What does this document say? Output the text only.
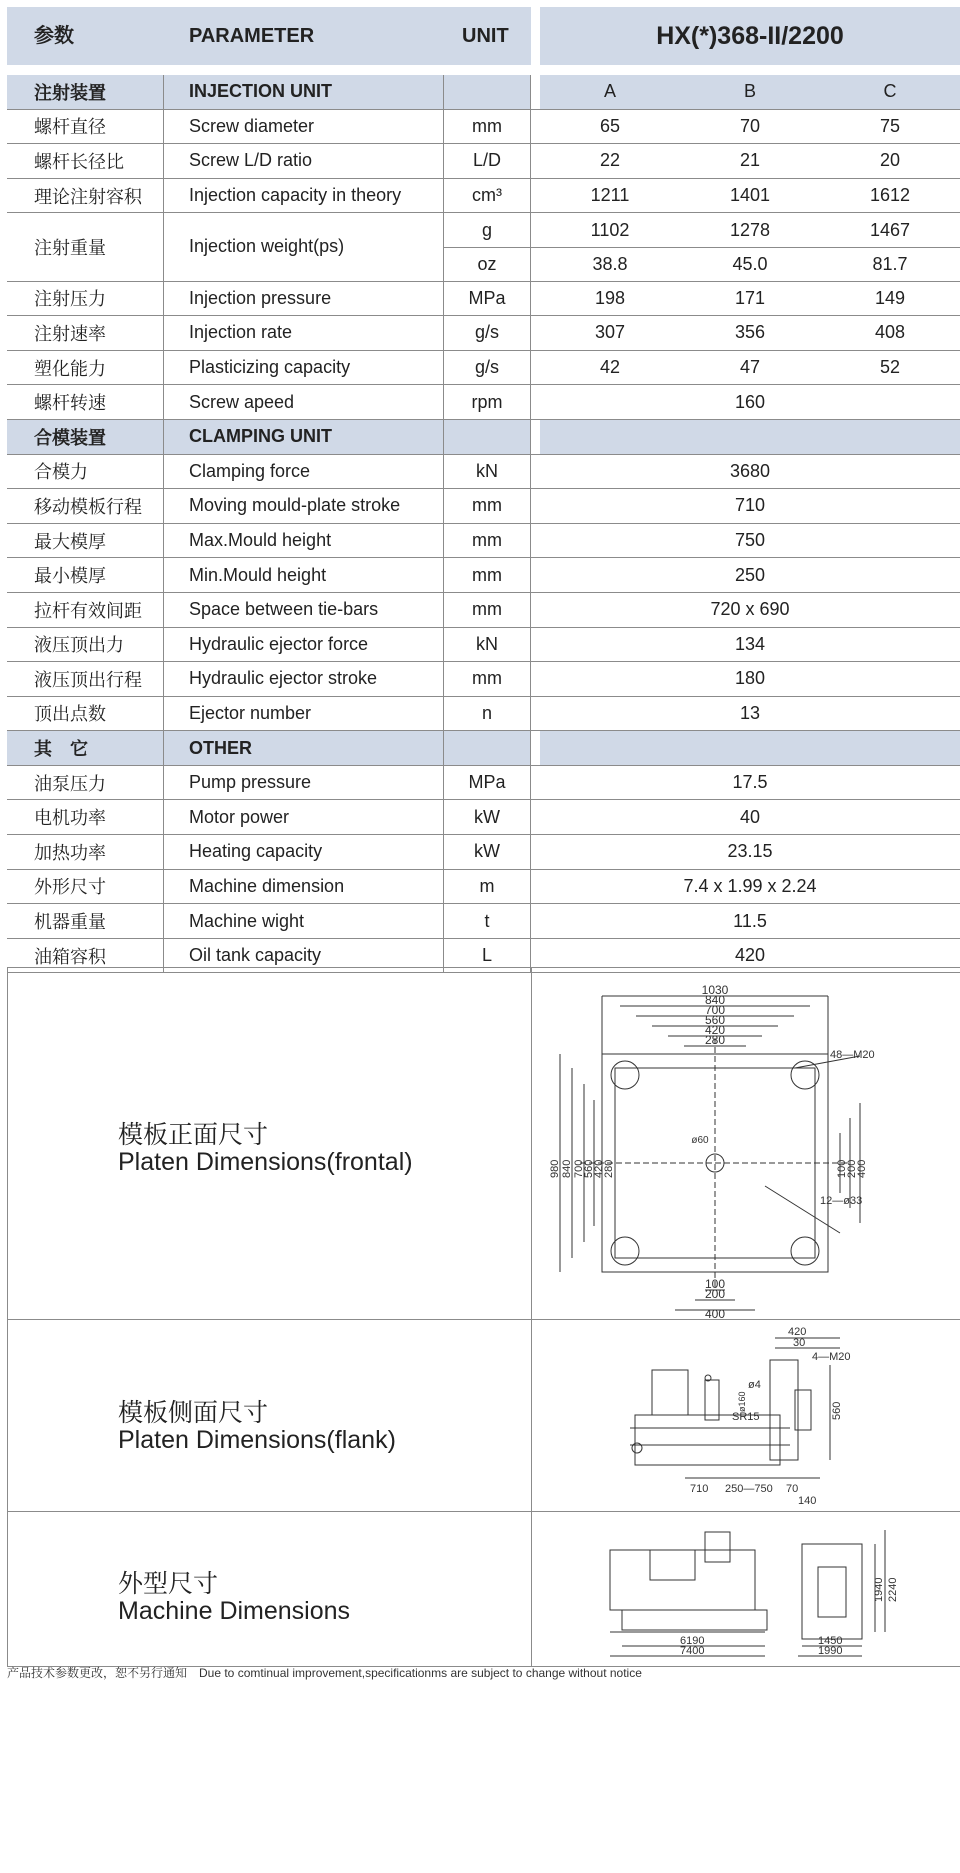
参数	PARAMETER	UNIT	HX(*)368-II/2200
注射装置	INJECTION UNIT	A	B	C
螺杆直径	Screw diameter	mm	65	70	75
螺杆长径比	Screw L/D ratio	L/D	22	21	20
理论注射容积	Injection capacity in theory	cm³	1211	1401	1612
注射重量	Injection weight(ps)
g	1102	1278	1467
oz	38.8	45.0	81.7
注射压力	Injection pressure	MPa	198	171	149
注射速率	Injection rate	g/s	307	356	408
塑化能力	Plasticizing capacity	g/s	42	47	52
螺杆转速	Screw apeed	rpm	160
合模装置	CLAMPING UNIT
合模力	Clamping force	kN	3680
移动模板行程	Moving mould-plate stroke	mm	710
最大模厚	Max.Mould height	mm	750
最小模厚	Min.Mould height	mm	250
拉杆有效间距	Space between tie-bars	mm	720 x 690
液压顶出力	Hydraulic ejector force	kN	134
液压顶出行程	Hydraulic ejector stroke	mm	180
顶出点数	Ejector number	n	13
其　它	OTHER
油泵压力	Pump pressure	MPa	17.5
电机功率	Motor power	kW	40
加热功率	Heating capacity	kW	23.15
外形尺寸	Machine dimension	m	7.4 x 1.99 x 2.24
机器重量	Machine wight	t	11.5
油箱容积	Oil tank capacity	L	420
模板正面尺寸
Platen Dimensions(frontal)
1030
840
700
560
420
280
100
200
400
ø60
980 840 700
560
420
280	100
200
400
48—M20
12—ø33
模板侧面尺寸
Platen Dimensions(flank)
420
30
4—M20
ø4
ø160
SR15	560
710 250—750 70
140
外型尺寸
Machine Dimensions
6190
7400
1450
1990
1940 2240
产品技术参数更改，恕不另行通知　Due to comtinual improvement,specificationms are subject to change without notice
